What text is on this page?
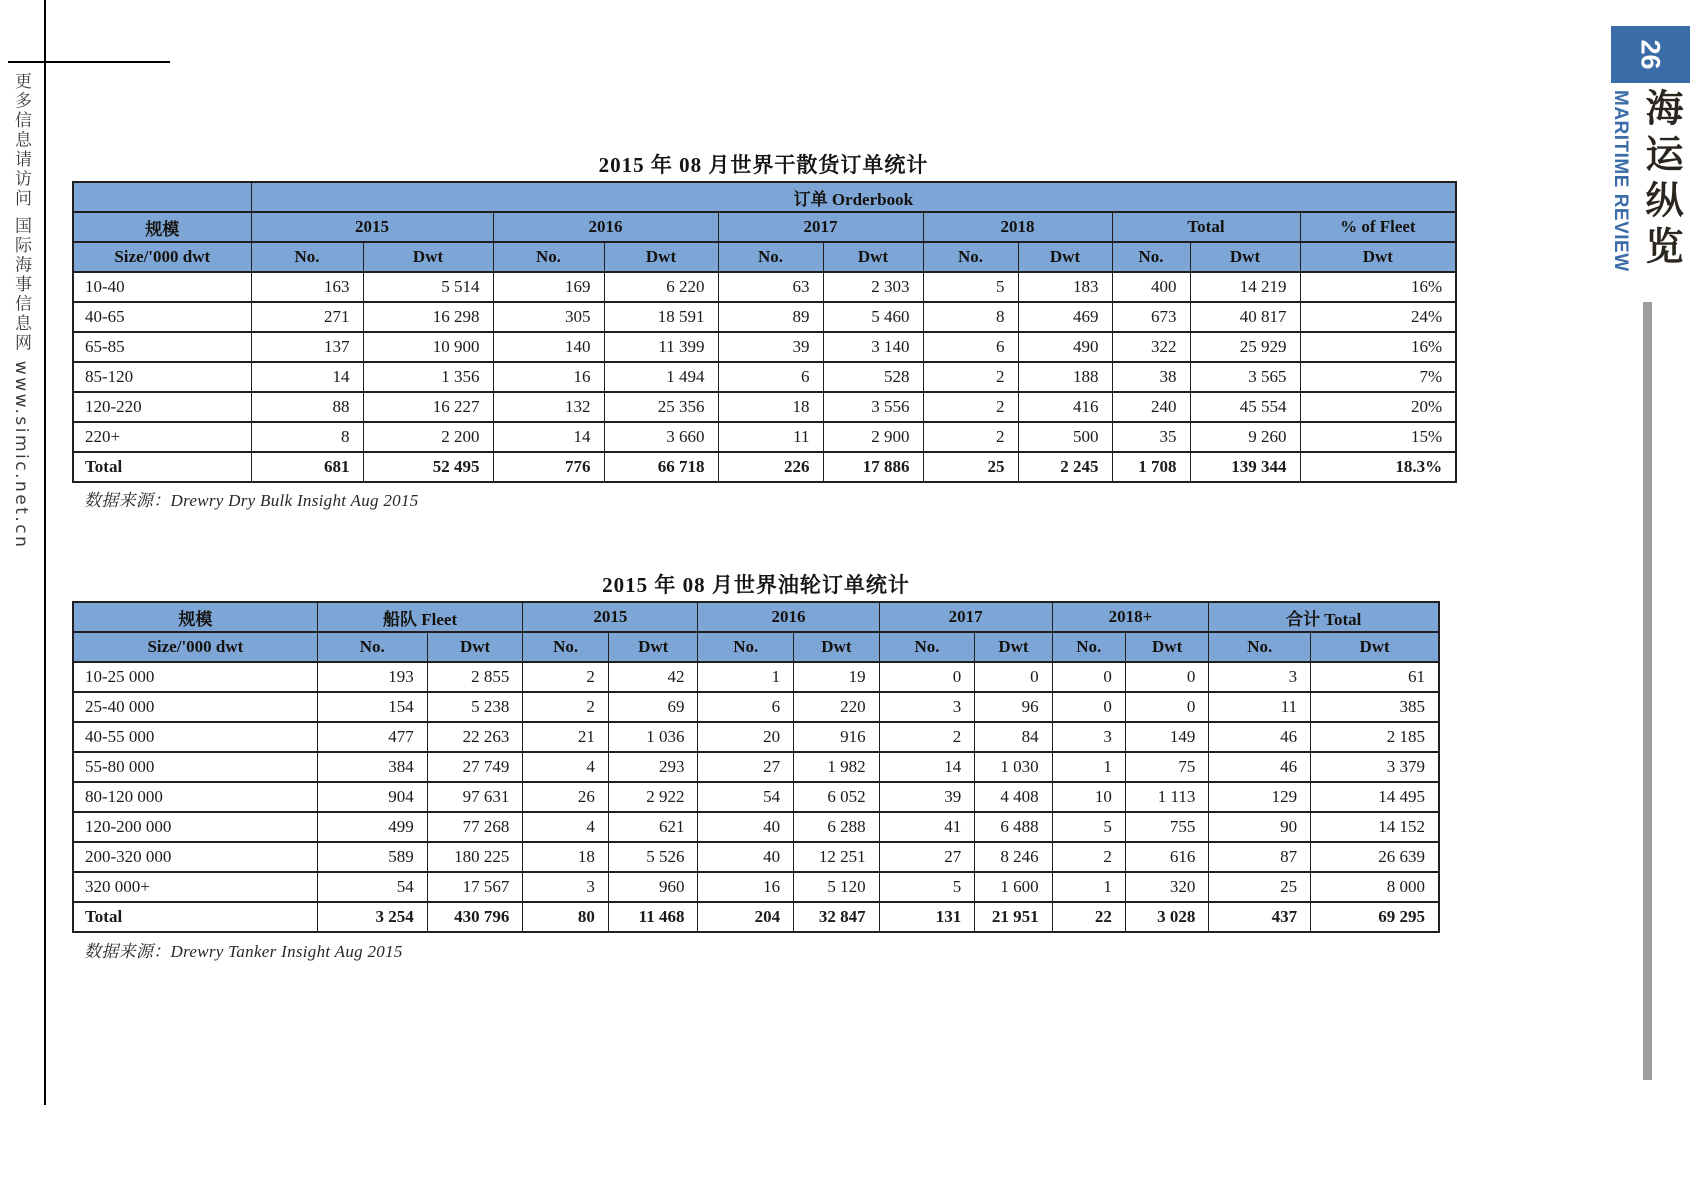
更多信息请访问 国际海事信息网 www.simic.net.cn	2015 年 08 月世界干散货订单统计
	订单 Orderbook										
规模	2015		2016		2017		2018		Total		% of Fleet
Size/'000 dwt	No.	Dwt	No.	Dwt	No.	Dwt	No.	Dwt	No.	Dwt	Dwt
10-40	163	5 514	169	6 220	63	2 303	5	183	400	14 219	16%
40-65	271	16 298	305	18 591	89	5 460	8	469	673	40 817	24%
65-85	137	10 900	140	11 399	39	3 140	6	490	322	25 929	16%
85-120	14	1 356	16	1 494	6	528	2	188	38	3 565	7%
120-220	88	16 227	132	25 356	18	3 556	2	416	240	45 554	20%
220+	8	2 200	14	3 660	11	2 900	2	500	35	9 260	15%
Total	681	52 495	776	66 718	226	17 886	25	2 245	1 708	139 344	18.3%
数据来源：Drewry Dry Bulk Insight Aug 2015
2015 年 08 月世界油轮订单统计
规模	船队 Fleet		2015		2016		2017		2018+		合计 Total	
Size/'000 dwt	No.	Dwt	No.	Dwt	No.	Dwt	No.	Dwt	No.	Dwt	No.	Dwt
10-25 000	193	2 855	2	42	1	19	0	0	0	0	3	61
25-40 000	154	5 238	2	69	6	220	3	96	0	0	11	385
40-55 000	477	22 263	21	1 036	20	916	2	84	3	149	46	2 185
55-80 000	384	27 749	4	293	27	1 982	14	1 030	1	75	46	3 379
80-120 000	904	97 631	26	2 922	54	6 052	39	4 408	10	1 113	129	14 495
120-200 000	499	77 268	4	621	40	6 288	41	6 488	5	755	90	14 152
200-320 000	589	180 225	18	5 526	40	12 251	27	8 246	2	616	87	26 639
320 000+	54	17 567	3	960	16	5 120	5	1 600	1	320	25	8 000
Total	3 254	430 796	80	11 468	204	32 847	131	21 951	22	3 028	437	69 295
数据来源：Drewry Tanker Insight Aug 2015
26
海运纵览
MARITIME REVIEW
